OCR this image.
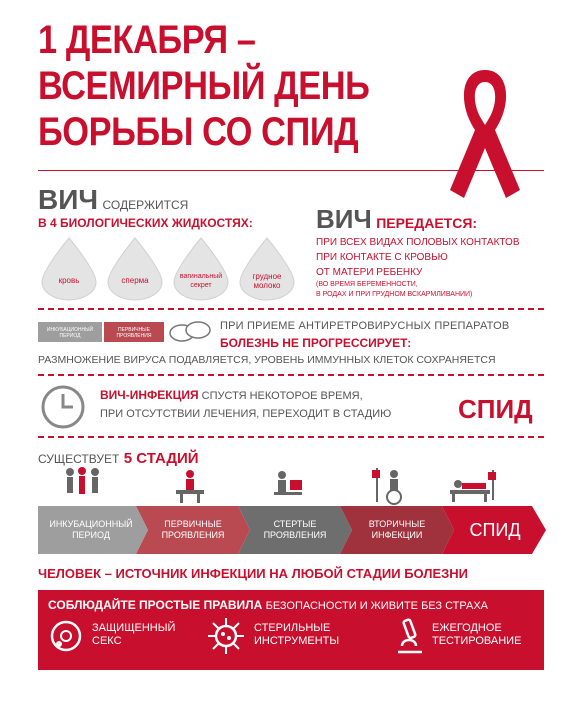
1 ДЕКАБРЯ –
ВСЕМИРНЫЙ ДЕНЬ
БОРЬБЫ СО СПИД
ВИЧ СОДЕРЖИТСЯ
В 4 БИОЛОГИЧЕСКИХ ЖИДКОСТЯХ:
кровь	сперма	вагинальный секрет
грудное молоко
ВИЧ ПЕРЕДАЕТСЯ:
ПРИ ВСЕХ ВИДАХ ПОЛОВЫХ КОНТАКТОВ
ПРИ КОНТАКТЕ С КРОВЬЮ
ОТ МАТЕРИ РЕБЕНКУ
(ВО ВРЕМЯ БЕРЕМЕННОСТИ,
В РОДАХ И ПРИ ГРУДНОМ ВСКАРМЛИВАНИИ)
ИНКУБАЦИОННЫЙ ПЕРИОД
ПЕРВИЧНЫЕ ПРОЯВЛЕНИЯ
ПРИ ПРИЕМЕ АНТИРЕТРОВИРУСНЫХ ПРЕПАРАТОВ
БОЛЕЗНЬ НЕ ПРОГРЕССИРУЕТ:
РАЗМНОЖЕНИЕ ВИРУСА ПОДАВЛЯЕТСЯ, УРОВЕНЬ ИММУННЫХ КЛЕТОК СОХРАНЯЕТСЯ
ВИЧ-ИНФЕКЦИЯ СПУСТЯ НЕКОТОРОЕ ВРЕМЯ,
ПРИ ОТСУТСТВИИ ЛЕЧЕНИЯ, ПЕРЕХОДИТ В СТАДИЮ	СПИД
СУЩЕСТВУЕТ 5 СТАДИЙ
ИНКУБАЦИОННЫЙ ПЕРИОД
ПЕРВИЧНЫЕ ПРОЯВЛЕНИЯ
СТЕРТЫЕ ПРОЯВЛЕНИЯ
ВТОРИЧНЫЕ ИНФЕКЦИИ	СПИД
ЧЕЛОВЕК – ИСТОЧНИК ИНФЕКЦИИ НА ЛЮБОЙ СТАДИИ БОЛЕЗНИ
СОБЛЮДАЙТЕ ПРОСТЫЕ ПРАВИЛА БЕЗОПАСНОСТИ И ЖИВИТЕ БЕЗ СТРАХА
ЗАЩИЩЕННЫЙ
СЕКС
СТЕРИЛЬНЫЕ
ИНСТРУМЕНТЫ
ЕЖЕГОДНОЕ
ТЕСТИРОВАНИЕ
